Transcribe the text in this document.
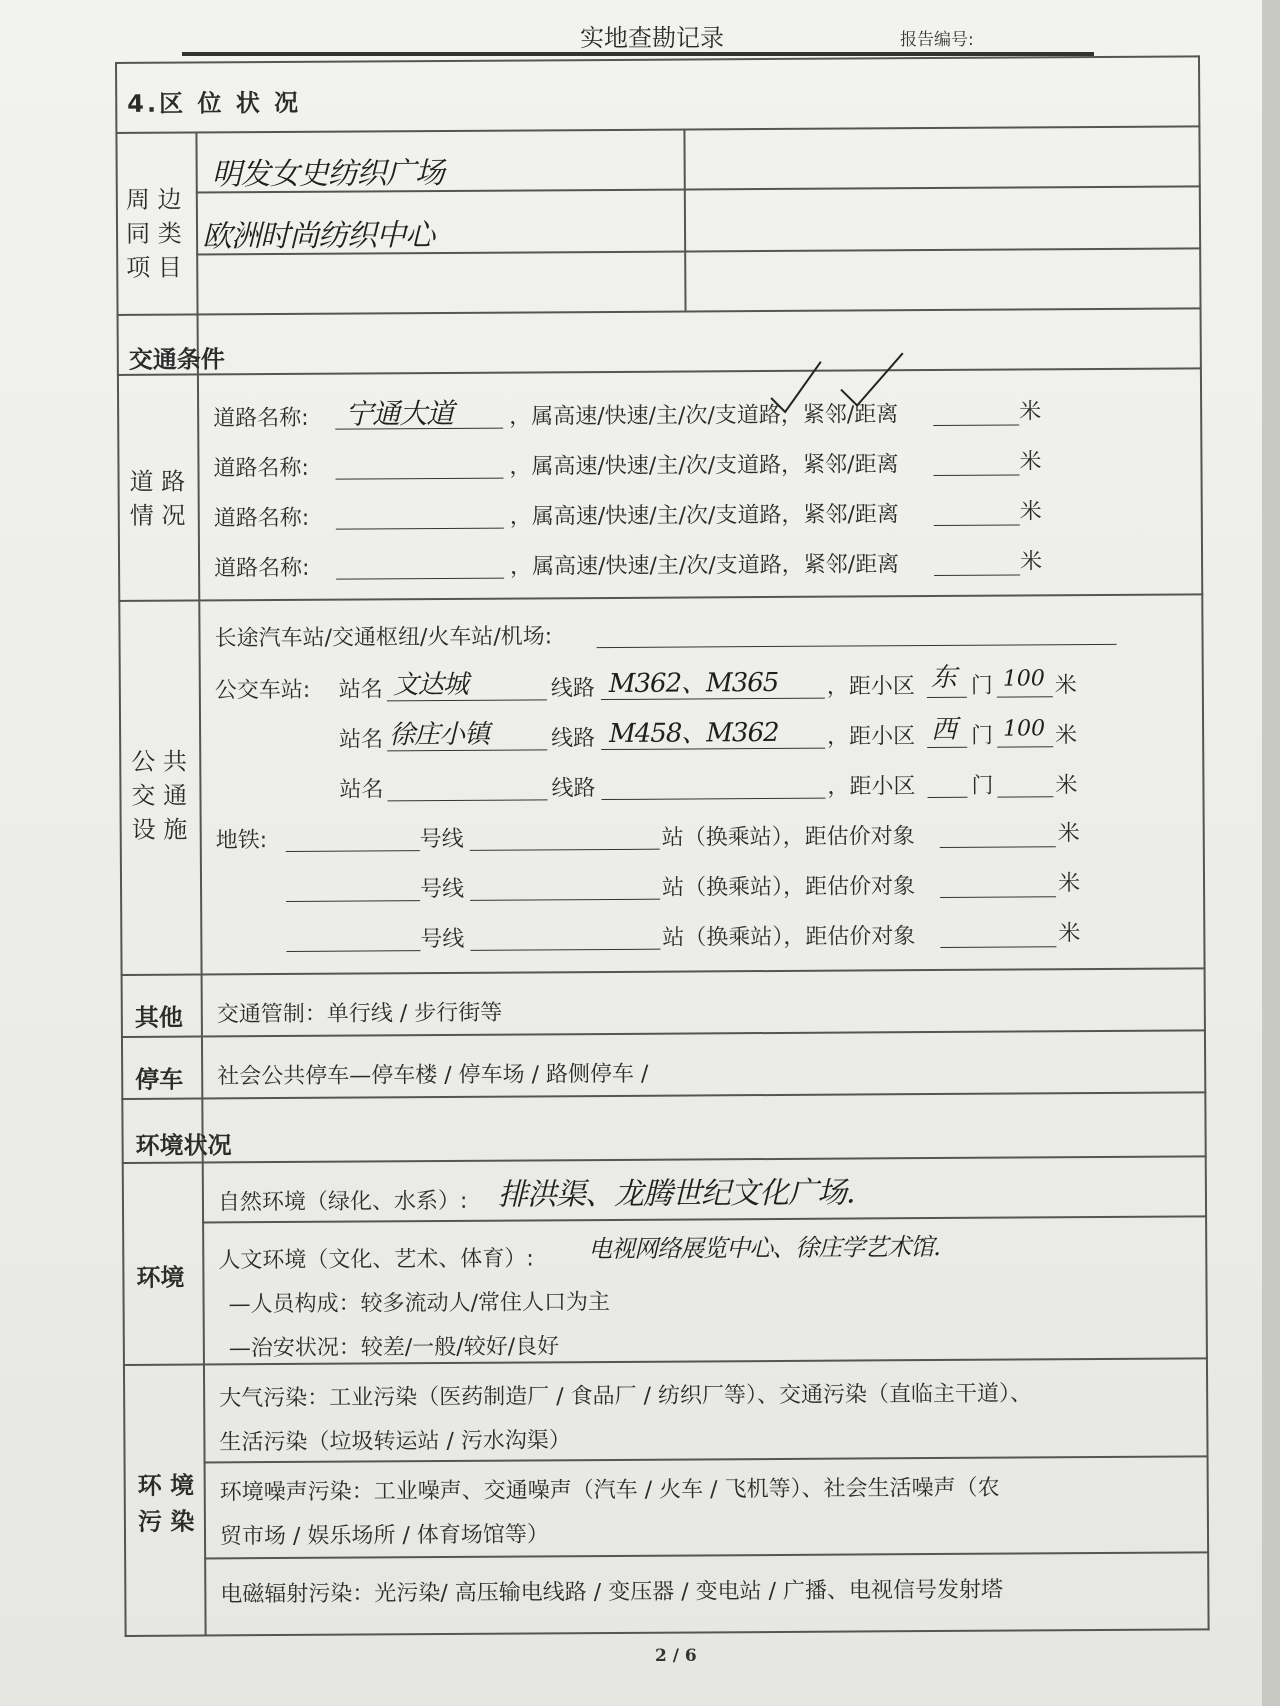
实地查勘记录	报告编号:
4.区 位 状 况
周 边
同 类
项 目
明发女史纺织广场
欧洲时尚纺织中心
交通条件
道 路
情 况
道路名称: 宁通大道	，属高速/快速/主/次/支道路，紧邻/距离	米
道路名称:	，属高速/快速/主/次/支道路，紧邻/距离	米
道路名称:	，属高速/快速/主/次/支道路，紧邻/距离	米
道路名称:	，属高速/快速/主/次/支道路，紧邻/距离	米
公 共
交 通
设 施
长途汽车站/交通枢纽/火车站/机场:
公交车站: 站名 文达城	线路 M362、M365 ，距小区 东 门 100 米
站名 徐庄小镇	线路 M458、M362 ，距小区 西 门 100 米
站名	线路	，距小区	门	米
地铁:	号线	站（换乘站），距估价对象	米
号线	站（换乘站），距估价对象	米
号线	站（换乘站），距估价对象	米
其他 交通管制：单行线 / 步行街等
停车 社会公共停车—停车楼 / 停车场 / 路侧停车 /
环境状况
环境
自然环境（绿化、水系）: 排洪渠、龙腾世纪文化广场.
人文环境（文化、艺术、体育）: 电视网络展览中心、徐庄学艺术馆.
—人员构成：较多流动人/常住人口为主
—治安状况：较差/一般/较好/良好
环 境
污 染
大气污染：工业污染（医药制造厂 / 食品厂 / 纺织厂等）、交通污染（直临主干道）、
生活污染（垃圾转运站 / 污水沟渠）
环境噪声污染：工业噪声、交通噪声（汽车 / 火车 / 飞机等）、社会生活噪声（农
贸市场 / 娱乐场所 / 体育场馆等）
电磁辐射污染：光污染/ 高压输电线路 / 变压器 / 变电站 / 广播、电视信号发射塔
2 / 6
